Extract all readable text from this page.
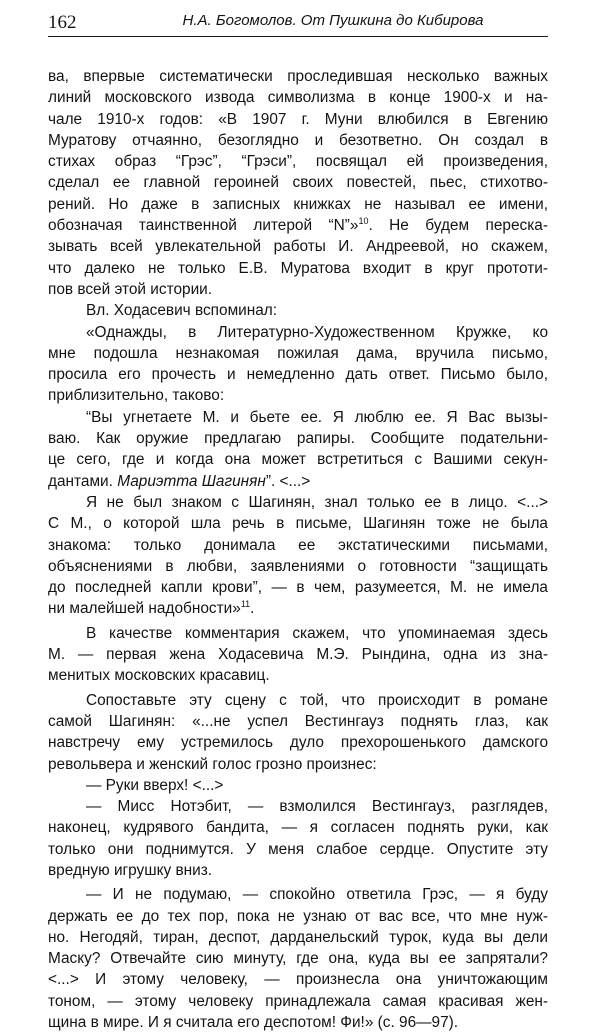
162	Н.А. Богомолов. От Пушкина до Кибирова
ва, впервые систематически проследившая несколько важных
линий московского извода символизма в конце 1900-х и на-
чале 1910-х годов: «В 1907 г. Муни влюбился в Евгению
Муратову отчаянно, безоглядно и безответно. Он создал в
стихах образ “Грэс”, “Грэси”, посвящал ей произведения,
сделал ее главной героиней своих повестей, пьес, стихотво-
рений. Но даже в записных книжках не называл ее имени,
обозначая таинственной литерой “N”»$^{10}$. Не будем переска-
зывать всей увлекательной работы И. Андреевой, но скажем,
что далеко не только Е.В. Муратова входит в круг прототи-
пов всей этой истории.
Вл. Ходасевич вспоминал:
«Однажды, в Литературно-Художественном Кружке, ко
мне подошла незнакомая пожилая дама, вручила письмо,
просила его прочесть и немедленно дать ответ. Письмо было,
приблизительно, таково:
“Вы угнетаете М. и бьете ее. Я люблю ее. Я Вас вызы-
ваю. Как оружие предлагаю рапиры. Сообщите подательни-
це сего, где и когда она может встретиться с Вашими секун-
дантами. Мариэтта Шагинян”. <...>
Я не был знаком с Шагинян, знал только ее в лицо. <...>
С М., о которой шла речь в письме, Шагинян тоже не была
знакома: только донимала ее экстатическими письмами,
объяснениями в любви, заявлениями о готовности “защищать
до последней капли крови”, — в чем, разумеется, М. не имела
ни малейшей надобности»$^{11}$.
В качестве комментария скажем, что упоминаемая здесь
М. — первая жена Ходасевича М.Э. Рындина, одна из зна-
менитых московских красавиц.
Сопоставьте эту сцену с той, что происходит в романе
самой Шагинян: «...не успел Вестингауз поднять глаз, как
навстречу ему устремилось дуло прехорошенького дамского
револьвера и женский голос грозно произнес:
— Руки вверх! <...>
— Мисс Нотэбит, — взмолился Вестингауз, разглядев,
наконец, кудрявого бандита, — я согласен поднять руки, как
только они поднимутся. У меня слабое сердце. Опустите эту
вредную игрушку вниз.
— И не подумаю, — спокойно ответила Грэс, — я буду
держать ее до тех пор, пока не узнаю от вас все, что мне нуж-
но. Негодяй, тиран, деспот, дарданельский турок, куда вы дели
Маску? Отвечайте сию минуту, где она, куда вы ее запрятали?
<...> И этому человеку, — произнесла она уничтожающим
тоном, — этому человеку принадлежала самая красивая жен-
щина в мире. И я считала его деспотом! Фи!» (с. 96—97).
